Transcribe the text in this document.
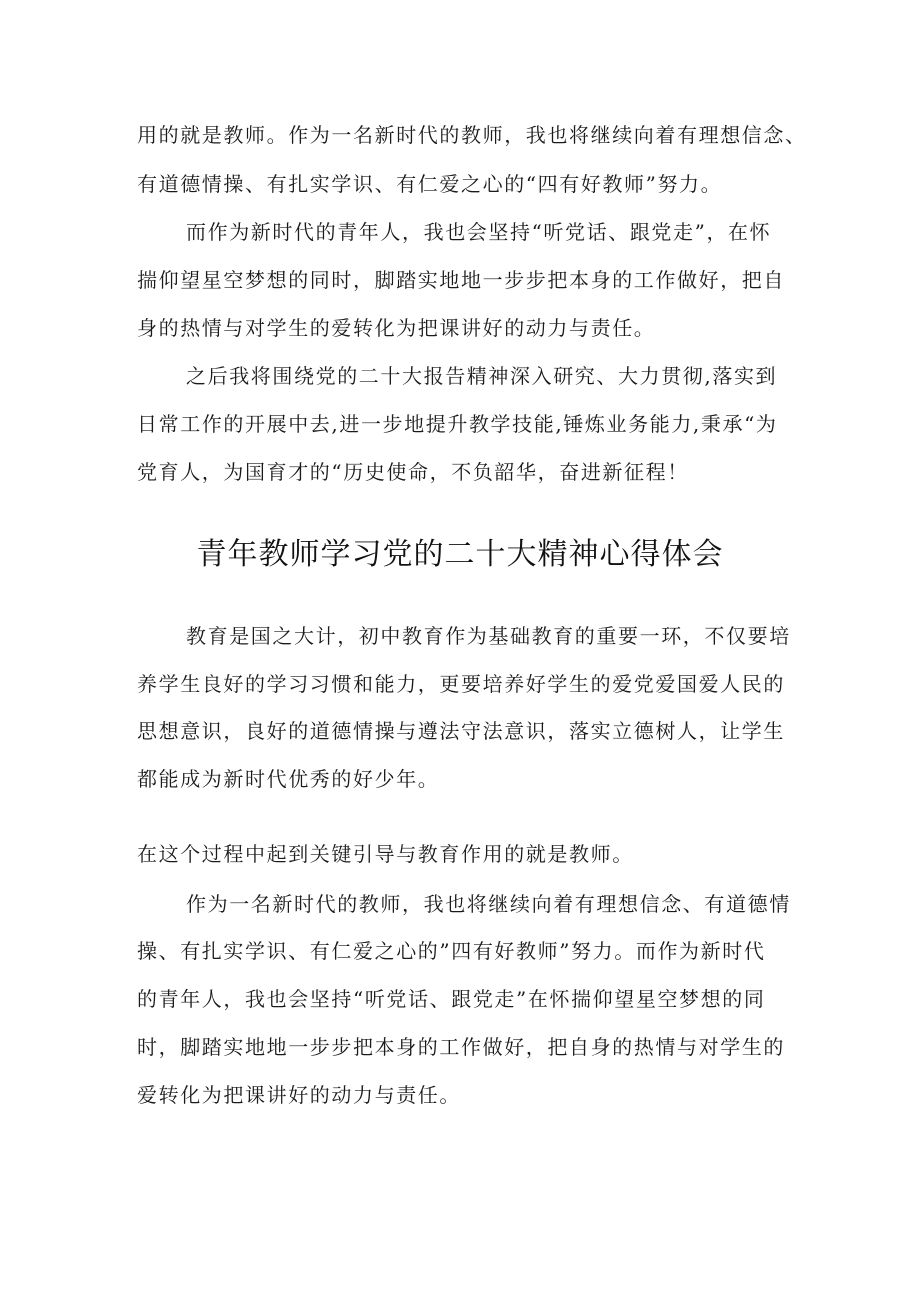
用的就是教师。作为一名新时代的教师，我也将继续向着有理想信念、

有道德情操、有扎实学识、有仁爱之心的“四有好教师”努力。

而作为新时代的青年人，我也会坚持“听党话、跟党走”，在怀

揣仰望星空梦想的同时，脚踏实地地一步步把本身的工作做好，把自

身的热情与对学生的爱转化为把课讲好的动力与责任。

之后我将围绕党的二十大报告精神深入研究、大力贯彻,落实到

日常工作的开展中去,进一步地提升教学技能,锤炼业务能力,秉承“为

党育人，为国育才的“历史使命，不负韶华，奋进新征程！

青年教师学习党的二十大精神心得体会

教育是国之大计，初中教育作为基础教育的重要一环，不仅要培

养学生良好的学习习惯和能力，更要培养好学生的爱党爱国爱人民的

思想意识，良好的道德情操与遵法守法意识，落实立德树人，让学生

都能成为新时代优秀的好少年。

在这个过程中起到关键引导与教育作用的就是教师。

作为一名新时代的教师，我也将继续向着有理想信念、有道德情

操、有扎实学识、有仁爱之心的”四有好教师”努力。而作为新时代

的青年人，我也会坚持“听党话、跟党走”在怀揣仰望星空梦想的同

时，脚踏实地地一步步把本身的工作做好，把自身的热情与对学生的

爱转化为把课讲好的动力与责任。
